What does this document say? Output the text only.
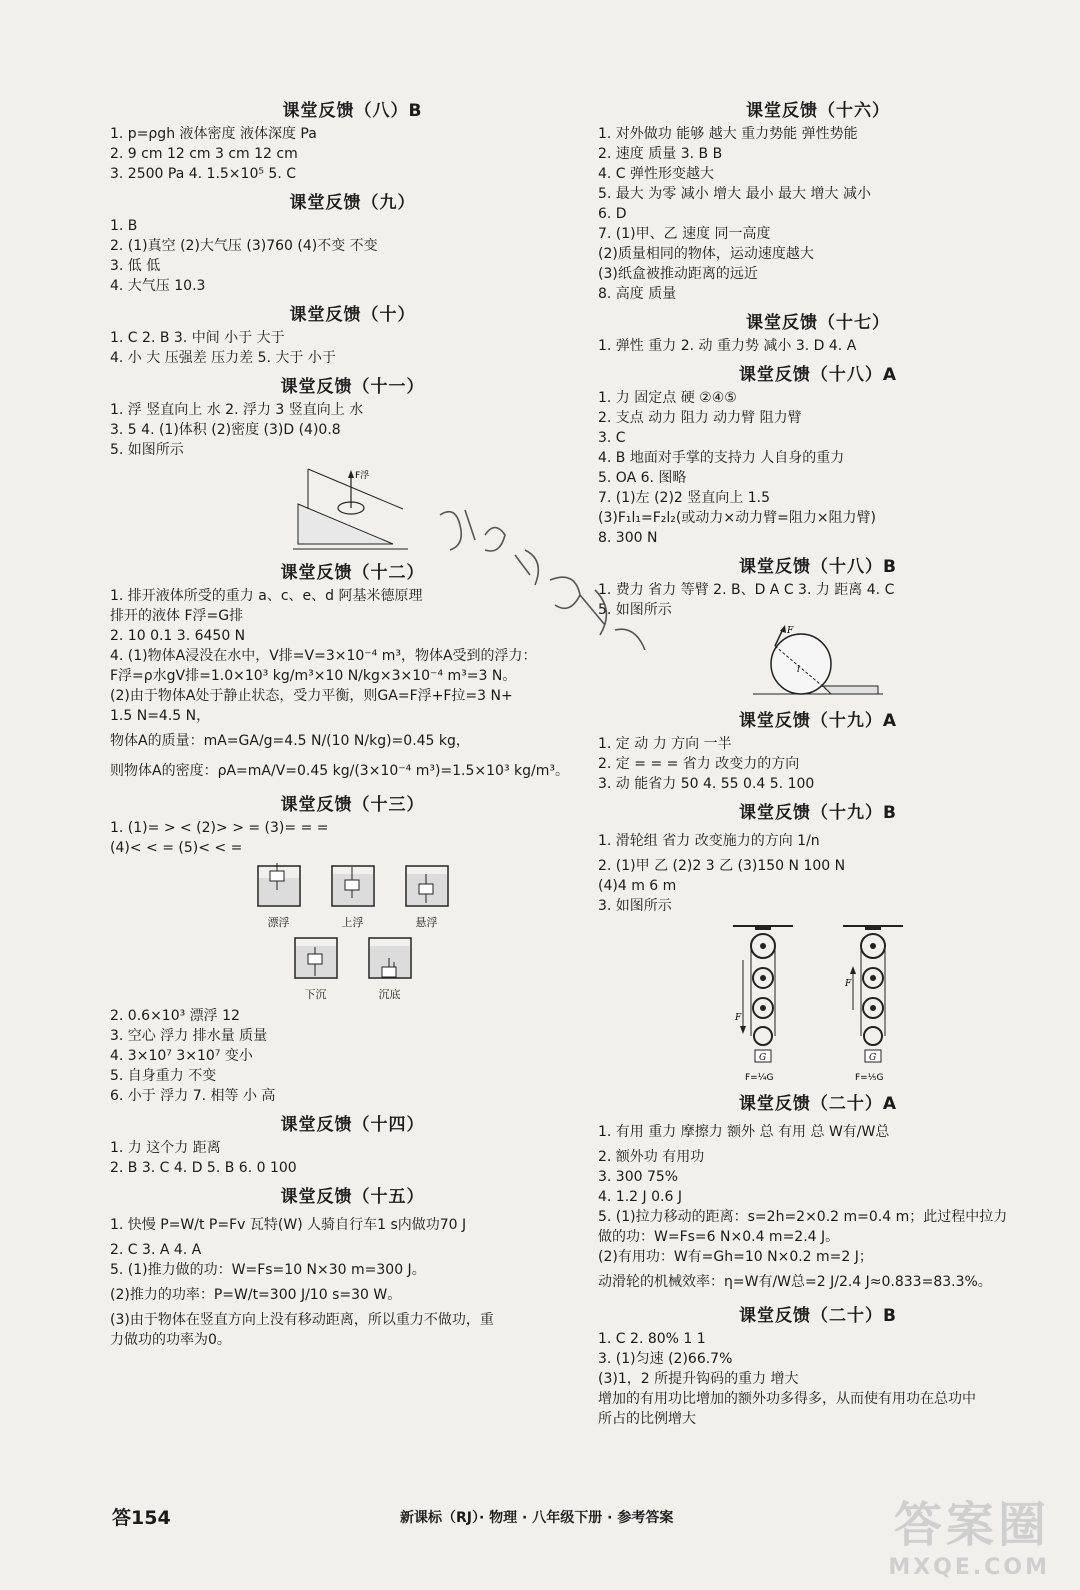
课堂反馈（八）B
1. p=ρgh 液体密度 液体深度 Pa
2. 9 cm 12 cm 3 cm 12 cm
3. 2500 Pa 4. 1.5×10⁵ 5. C
课堂反馈（九）
1. B
2. (1)真空 (2)大气压 (3)760 (4)不变 不变
3. 低 低
4. 大气压 10.3
课堂反馈（十）
1. C 2. B 3. 中间 小于 大于
4. 小 大 压强差 压力差 5. 大于 小于
课堂反馈（十一）
1. 浮 竖直向上 水 2. 浮力 3 竖直向上 水
3. 5 4. (1)体积 (2)密度 (3)D (4)0.8
5. 如图所示
F浮
课堂反馈（十二）
1. 排开液体所受的重力 a、c、e、d 阿基米德原理
排开的液体 F浮=G排
2. 10 0.1 3. 6450 N
4. (1)物体A浸没在水中，V排=V=3×10⁻⁴ m³，物体A受到的浮力：
F浮=ρ水gV排=1.0×10³ kg/m³×10 N/kg×3×10⁻⁴ m³=3 N。
(2)由于物体A处于静止状态，受力平衡，则GA=F浮+F拉=3 N+
1.5 N=4.5 N，
物体A的质量：mA=GA/g=4.5 N/(10 N/kg)=0.45 kg，
则物体A的密度：ρA=mA/V=0.45 kg/(3×10⁻⁴ m³)=1.5×10³ kg/m³。
课堂反馈（十三）
1. (1)= > < (2)> > = (3)= = =
(4)< < = (5)< < =
漂浮	上浮	悬浮
下沉	沉底
2. 0.6×10³ 漂浮 12
3. 空心 浮力 排水量 质量
4. 3×10⁷ 3×10⁷ 变小
5. 自身重力 不变
6. 小于 浮力 7. 相等 小 高
课堂反馈（十四）
1. 力 这个力 距离
2. B 3. C 4. D 5. B 6. 0 100
课堂反馈（十五）
1. 快慢 P=W/t P=Fv 瓦特(W) 人骑自行车1 s内做功70 J
2. C 3. A 4. A
5. (1)推力做的功：W=Fs=10 N×30 m=300 J。
(2)推力的功率：P=W/t=300 J/10 s=30 W。
(3)由于物体在竖直方向上没有移动距离，所以重力不做功，重
力做功的功率为0。
课堂反馈（十六）
1. 对外做功 能够 越大 重力势能 弹性势能
2. 速度 质量 3. B B
4. C 弹性形变越大
5. 最大 为零 减小 增大 最小 最大 增大 减小
6. D
7. (1)甲、乙 速度 同一高度
(2)质量相同的物体，运动速度越大
(3)纸盒被推动距离的远近
8. 高度 质量
课堂反馈（十七）
1. 弹性 重力 2. 动 重力势 减小 3. D 4. A
课堂反馈（十八）A
1. 力 固定点 硬 ②④⑤
2. 支点 动力 阻力 动力臂 阻力臂
3. C
4. B 地面对手掌的支持力 人自身的重力
5. OA 6. 图略
7. (1)左 (2)2 竖直向上 1.5
(3)F₁l₁=F₂l₂(或动力×动力臂=阻力×阻力臂)
8. 300 N
课堂反馈（十八）B
1. 费力 省力 等臂 2. B、D A C 3. 力 距离 4. C
5. 如图所示
F
l
课堂反馈（十九）A
1. 定 动 力 方向 一半
2. 定 = = = 省力 改变力的方向
3. 动 能省力 50 4. 55 0.4 5. 100
课堂反馈（十九）B
1. 滑轮组 省力 改变施力的方向 1/n
2. (1)甲 乙 (2)2 3 乙 (3)150 N 100 N
(4)4 m 6 m
3. 如图所示
F
G
F=¼G
F
G
F=⅕G
课堂反馈（二十）A
1. 有用 重力 摩擦力 额外 总 有用 总 W有/W总
2. 额外功 有用功
3. 300 75%
4. 1.2 J 0.6 J
5. (1)拉力移动的距离：s=2h=2×0.2 m=0.4 m；此过程中拉力
做的功：W=Fs=6 N×0.4 m=2.4 J。
(2)有用功：W有=Gh=10 N×0.2 m=2 J；
动滑轮的机械效率：η=W有/W总=2 J/2.4 J≈0.833=83.3%。
课堂反馈（二十）B
1. C 2. 80% 1 1
3. (1)匀速 (2)66.7%
(3)1，2 所提升钩码的重力 增大
增加的有用功比增加的额外功多得多，从而使有用功在总功中
所占的比例增大
答154	新课标（RJ）· 物理 · 八年级下册 · 参考答案	答案圈
MXQE.COM
